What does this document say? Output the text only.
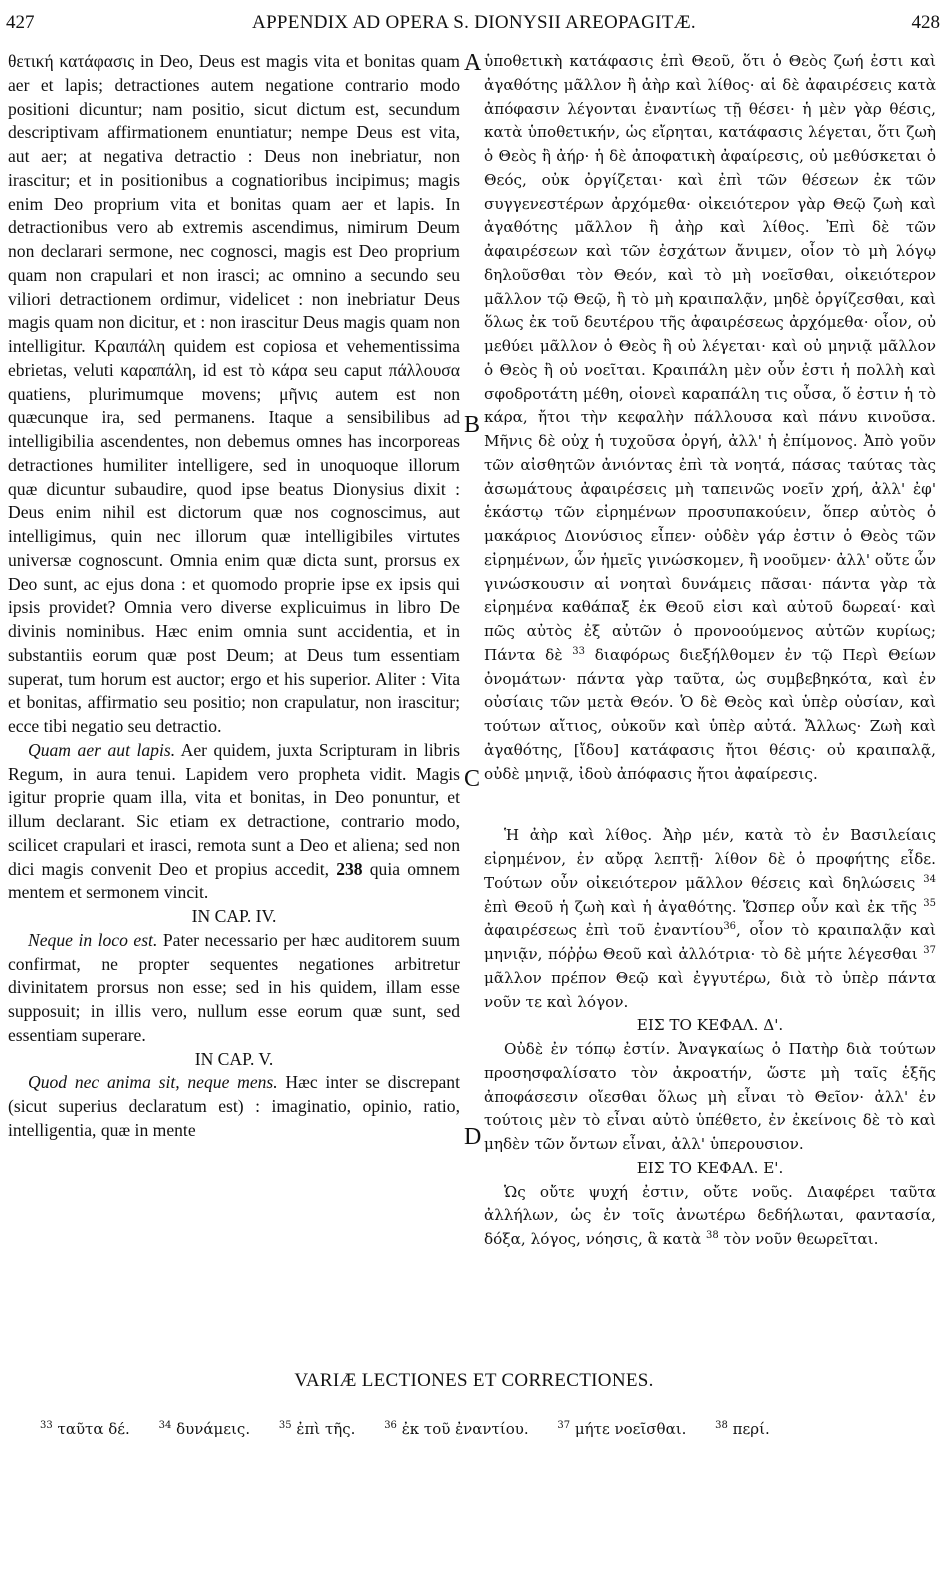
427	APPENDIX AD OPERA S. DIONYSII AREOPAGITÆ.	428
A
B
C
D

θετική κατάφασις in Deo, Deus est magis vita et bonitas quam aer et lapis; detractiones autem negatione contrario modo positioni dicuntur; nam positio, sicut dictum est, secundum descriptivam affirmationem enuntiatur; nempe Deus est vita, aut aer; at negativa detractio : Deus non inebriatur, non irascitur; et in positionibus a cognatioribus incipimus; magis enim Deo proprium vita et bonitas quam aer et lapis. In detractionibus vero ab extremis ascendimus, nimirum Deum non declarari sermone, nec cognosci, magis est Deo proprium quam non crapulari et non irasci; ac omnino a secundo seu viliori detractionem ordimur, videlicet : non inebriatur Deus magis quam non dicitur, et : non irascitur Deus magis quam non intelligitur. Κραιπάλη quidem est copiosa et vehementissima ebrietas, veluti καραπάλη, id est τὸ κάρα seu caput πάλλουσα quatiens, plurimumque movens; μῆνις autem est non quæcunque ira, sed permanens. Itaque a sensibilibus ad intelligibilia ascendentes, non debemus omnes has incorporeas detractiones humiliter intelligere, sed in unoquoque illorum quæ dicuntur subaudire, quod ipse beatus Dionysius dixit : Deus enim nihil est dictorum quæ nos cognoscimus, aut intelligimus, quin nec illorum quæ intelligibiles virtutes universæ cognoscunt. Omnia enim quæ dicta sunt, prorsus ex Deo sunt, ac ejus dona : et quomodo proprie ipse ex ipsis qui ipsis providet? Omnia vero diverse explicuimus in libro De divinis nominibus. Hæc enim omnia sunt accidentia, et in substantiis eorum quæ post Deum; at Deus tum essentiam superat, tum horum est auctor; ergo et his superior. Aliter : Vita et bonitas, affirmatio seu positio; non crapulatur, non irascitur; ecce tibi negatio seu detractio.

Quam aer aut lapis. Aer quidem, juxta Scripturam in libris Regum, in aura tenui. Lapidem vero propheta vidit. Magis igitur proprie quam illa, vita et bonitas, in Deo ponuntur, et illum declarant. Sic etiam ex detractione, contrario modo, scilicet crapulari et irasci, remota sunt a Deo et aliena; sed non dici magis convenit Deo et propius accedit, 238 quia omnem mentem et sermonem vincit.

IN CAP. IV.

Neque in loco est. Pater necessario per hæc auditorem suum confirmat, ne propter sequentes negationes arbitretur divinitatem prorsus non esse; sed in his quidem, illam esse supposuit; in illis vero, nullum esse eorum quæ sunt, sed essentiam superare.

IN CAP. V.

Quod nec anima sit, neque mens. Hæc inter se discrepant (sicut superius declaratum est) : imaginatio, opinio, ratio, intelligentia, quæ in mente

ὑποθετικὴ κατάφασις ἐπὶ Θεοῦ, ὅτι ὁ Θεὸς ζωή ἐστι καὶ ἀγαθότης μᾶλλον ἢ ἀὴρ καὶ λίθος· αἱ δὲ ἀφαιρέσεις κατὰ ἀπόφασιν λέγονται ἐναντίως τῇ θέσει· ἡ μὲν γὰρ θέσις, κατὰ ὑποθετικήν, ὡς εἴρηται, κατάφασις λέγεται, ὅτι ζωὴ ὁ Θεὸς ἢ ἀήρ· ἡ δὲ ἀποφατικὴ ἀφαίρεσις, οὐ μεθύσκεται ὁ Θεός, οὐκ ὀργίζεται· καὶ ἐπὶ τῶν θέσεων ἐκ τῶν συγγενεστέρων ἀρχόμεθα· οἰκειότερον γὰρ Θεῷ ζωὴ καὶ ἀγαθότης μᾶλλον ἢ ἀὴρ καὶ λίθος. Ἐπὶ δὲ τῶν ἀφαιρέσεων καὶ τῶν ἐσχάτων ἄνιμεν, οἷον τὸ μὴ λόγῳ δηλοῦσθαι τὸν Θεόν, καὶ τὸ μὴ νοεῖσθαι, οἰκειότερον μᾶλλον τῷ Θεῷ, ἢ τὸ μὴ κραιπαλᾷν, μηδὲ ὀργίζεσθαι, καὶ ὅλως ἐκ τοῦ δευτέρου τῆς ἀφαιρέσεως ἀρχόμεθα· οἷον, οὐ μεθύει μᾶλλον ὁ Θεὸς ἢ οὐ λέγεται· καὶ οὐ μηνιᾷ μᾶλλον ὁ Θεὸς ἢ οὐ νοεῖται. Κραιπάλη μὲν οὖν ἐστι ἡ πολλὴ καὶ σφοδροτάτη μέθη, οἱονεὶ καραπάλη τις οὖσα, ὅ ἐστιν ἡ τὸ κάρα, ἤτοι τὴν κεφαλὴν πάλλουσα καὶ πάνυ κινοῦσα. Μῆνις δὲ οὐχ ἡ τυχοῦσα ὀργή, ἀλλ' ἡ ἐπίμονος. Ἀπὸ γοῦν τῶν αἰσθητῶν ἀνιόντας ἐπὶ τὰ νοητά, πάσας ταύτας τὰς ἀσωμάτους ἀφαιρέσεις μὴ ταπεινῶς νοεῖν χρή, ἀλλ' ἐφ' ἑκάστῳ τῶν εἰρημένων προσυπακούειν, ὅπερ αὐτὸς ὁ μακάριος Διονύσιος εἶπεν· οὐδὲν γάρ ἐστιν ὁ Θεὸς τῶν εἰρημένων, ὧν ἡμεῖς γινώσκομεν, ἢ νοοῦμεν· ἀλλ' οὔτε ὧν γινώσκουσιν αἱ νοηταὶ δυνάμεις πᾶσαι· πάντα γὰρ τὰ εἰρημένα καθάπαξ ἐκ Θεοῦ εἰσι καὶ αὐτοῦ δωρεαί· καὶ πῶς αὐτὸς ἐξ αὐτῶν ὁ προνοούμενος αὐτῶν κυρίως; Πάντα δὲ $^{33}$ διαφόρως διεξήλθομεν ἐν τῷ Περὶ Θείων ὀνομάτων· πάντα γὰρ ταῦτα, ὡς συμβεβηκότα, καὶ ἐν οὐσίαις τῶν μετὰ Θεόν. Ὁ δὲ Θεὸς καὶ ὑπὲρ οὐσίαν, καὶ τούτων αἴτιος, οὐκοῦν καὶ ὑπὲρ αὐτά. Ἄλλως· Ζωὴ καὶ ἀγαθότης, [ἴδου] κατάφασις ἤτοι θέσις· οὐ κραιπαλᾷ, οὐδὲ μηνιᾷ, ἰδοὺ ἀπόφασις ἤτοι ἀφαίρεσις.

Ἡ ἀὴρ καὶ λίθος. Ἀὴρ μέν, κατὰ τὸ ἐν Βασιλείαις εἰρημένον, ἐν αὔρᾳ λεπτῇ· λίθον δὲ ὁ προφήτης εἶδε. Τούτων οὖν οἰκειότερον μᾶλλον θέσεις καὶ δηλώσεις $^{34}$ ἐπὶ Θεοῦ ἡ ζωὴ καὶ ἡ ἀγαθότης. Ὥσπερ οὖν καὶ ἐκ τῆς $^{35}$ ἀφαιρέσεως ἐπὶ τοῦ ἐναντίου$^{36}$, οἷον τὸ κραιπαλᾷν καὶ μηνιᾷν, πόῤῥω Θεοῦ καὶ ἀλλότρια· τὸ δὲ μήτε λέγεσθαι $^{37}$ μᾶλλον πρέπον Θεῷ καὶ ἐγγυτέρω, διὰ τὸ ὑπὲρ πάντα νοῦν τε καὶ λόγον.

ΕΙΣ ΤΟ ΚΕΦΑΛ. Δ'.

Οὐδὲ ἐν τόπῳ ἐστίν. Ἀναγκαίως ὁ Πατὴρ διὰ τούτων προσησφαλίσατο τὸν ἀκροατήν, ὥστε μὴ ταῖς ἑξῆς ἀποφάσεσιν οἴεσθαι ὅλως μὴ εἶναι τὸ Θεῖον· ἀλλ' ἐν τούτοις μὲν τὸ εἶναι αὐτὸ ὑπέθετο, ἐν ἐκείνοις δὲ τὸ καὶ μηδὲν τῶν ὄντων εἶναι, ἀλλ' ὑπερουσιον.

ΕΙΣ ΤΟ ΚΕΦΑΛ. Ε'.

Ὡς οὔτε ψυχή ἐστιν, οὔτε νοῦς. Διαφέρει ταῦτα ἀλλήλων, ὡς ἐν τοῖς ἀνωτέρω δεδήλωται, φαντασία, δόξα, λόγος, νόησις, ἃ κατὰ $^{38}$ τὸν νοῦν θεωρεῖται.

VARIÆ LECTIONES ET CORRECTIONES.
$^{33}$ ταῦτα δέ.	$^{34}$ δυνάμεις.	$^{35}$ ἐπὶ τῆς.	$^{36}$ ἐκ τοῦ ἐναντίου.	$^{37}$ μήτε νοεῖσθαι.	$^{38}$ περί.
